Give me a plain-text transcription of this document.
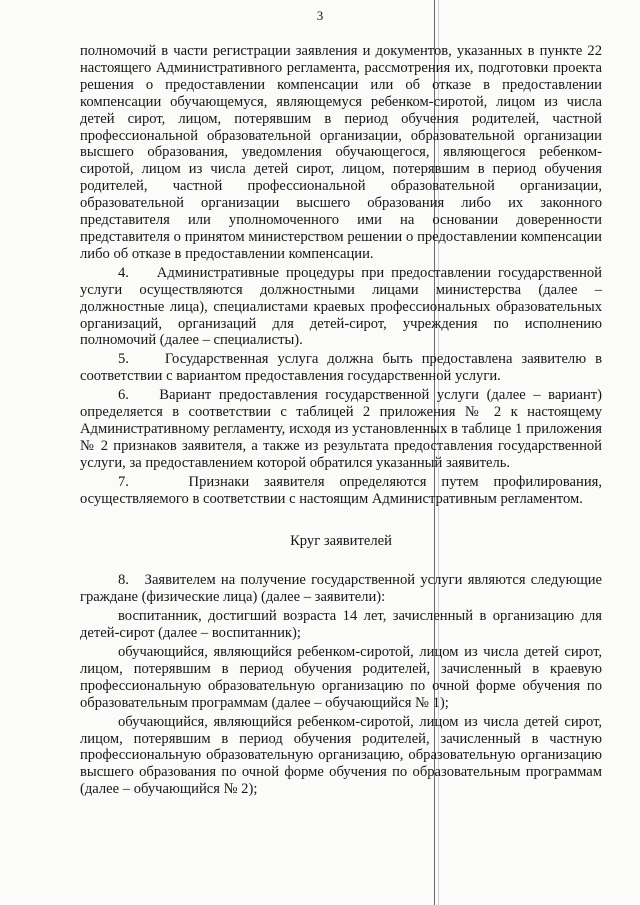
3

полномочий в части регистрации заявления и документов, указанных в пункте 22 настоящего Административного регламента, рассмотрения их, подготовки проекта решения о предоставлении компенсации или об отказе в предоставлении компенсации обучающемуся, являющемуся ребенком-сиротой, лицом из числа детей сирот, лицом, потерявшим в период обучения родителей, частной профессиональной образовательной организации, образовательной организации высшего образования, уведомления обучающегося, являющегося ребенком-сиротой, лицом из числа детей сирот, лицом, потерявшим в период обучения родителей, частной профессиональной образовательной организации, образовательной организации высшего образования либо их законного представителя или уполномоченного ими на основании доверенности представителя о принятом министерством решении о предоставлении компенсации либо об отказе в предоставлении компенсации.

4.    Административные процедуры при предоставлении государственной услуги осуществляются должностными лицами министерства (далее – должностные лица), специалистами краевых профессиональных образовательных организаций, организаций для детей-сирот, учреждения по исполнению полномочий (далее – специалисты).

5.    Государственная услуга должна быть предоставлена заявителю в соответствии с вариантом предоставления государственной услуги.

6.    Вариант предоставления государственной услуги (далее – вариант) определяется в соответствии с таблицей 2 приложения № 2 к настоящему Административному регламенту, исходя из установленных в таблице 1 приложения № 2 признаков заявителя, а также из результата предоставления государственной услуги, за предоставлением которой обратился указанный заявитель.

7.    Признаки заявителя определяются путем профилирования, осуществляемого в соответствии с настоящим Административным регламентом.

Круг заявителей

8.   Заявителем на получение государственной услуги являются следующие граждане (физические лица) (далее – заявители):

воспитанник, достигший возраста 14 лет, зачисленный в организацию для детей-сирот (далее – воспитанник);

обучающийся, являющийся ребенком-сиротой, лицом из числа детей сирот, лицом, потерявшим в период обучения родителей, зачисленный в краевую профессиональную образовательную организацию по очной форме обучения по образовательным программам (далее – обучающийся № 1);

обучающийся, являющийся ребенком-сиротой, лицом из числа детей сирот, лицом, потерявшим в период обучения родителей, зачисленный в частную профессиональную образовательную организацию, образовательную организацию высшего образования по очной форме обучения по образовательным программам (далее – обучающийся № 2);
